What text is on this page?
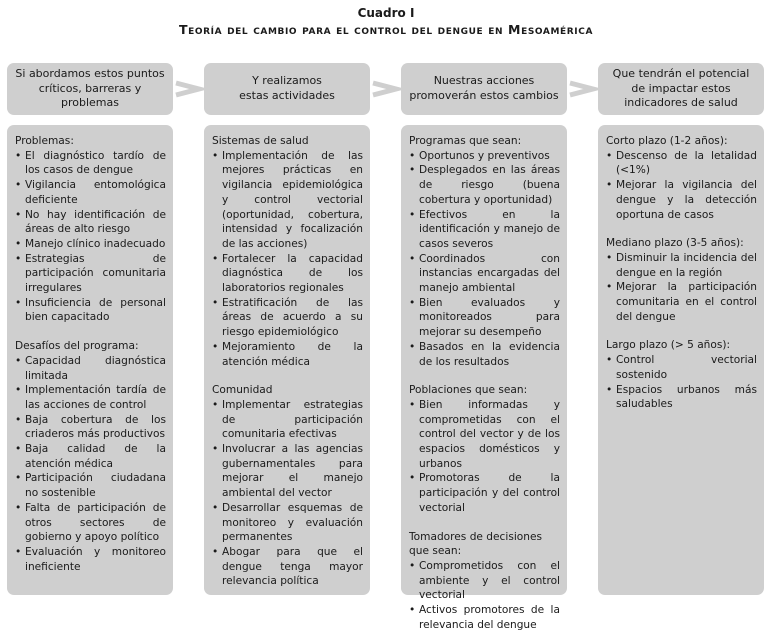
Cuadro I
Teoría del cambio para el control del dengue en Mesoamérica
Si abordamos estos puntos
críticos, barreras y problemas
Y realizamos
estas actividades
Nuestras acciones
promoverán estos cambios
Que tendrán el potencial
de impactar estos
indicadores de salud
Problemas:
• El diagnóstico tardío de los casos de dengue
• Vigilancia entomológica deficiente
• No hay identificación de áreas de alto riesgo
• Manejo clínico inadecuado
• Estrategias de participación comunitaria irregulares
• Insuficiencia de personal bien capacitado
Desafíos del programa:
• Capacidad diagnóstica limitada
• Implementación tardía de las acciones de control
• Baja cobertura de los criaderos más productivos
• Baja calidad de la atención médica
• Participación ciudadana no sostenible
• Falta de participación de otros sectores de gobierno y apoyo político
• Evaluación y monitoreo ineficiente
Sistemas de salud
• Implementación de las mejores prácticas en vigilancia epidemiológica y control vectorial (oportunidad, cobertura, intensidad y focalización de las acciones)
• Fortalecer la capacidad diagnóstica de los laboratorios regionales
• Estratificación de las áreas de acuerdo a su riesgo epidemiológico
• Mejoramiento de la atención médica
Comunidad
• Implementar estrategias de participación comunitaria efectivas
• Involucrar a las agencias gubernamentales para mejorar el manejo ambiental del vector
• Desarrollar esquemas de monitoreo y evaluación permanentes
• Abogar para que el dengue tenga mayor relevancia política
Programas que sean:
• Oportunos y preventivos
• Desplegados en las áreas de riesgo (buena cobertura y oportunidad)
• Efectivos en la identificación y manejo de casos severos
• Coordinados con instancias encargadas del manejo ambiental
• Bien evaluados y monitoreados para mejorar su desempeño
• Basados en la evidencia de los resultados
Poblaciones que sean:
• Bien informadas y comprometidas con el control del vector y de los espacios domésticos y urbanos
• Promotoras de la participación y del control vectorial
Tomadores de decisiones que sean:
• Comprometidos con el ambiente y el control vectorial
• Activos promotores de la relevancia del dengue
Corto plazo (1-2 años):
• Descenso de la letalidad (<1%)
• Mejorar la vigilancia del dengue y la detección oportuna de casos
Mediano plazo (3-5 años):
• Disminuir la incidencia del dengue en la región
• Mejorar la participación comunitaria en el control del dengue
Largo plazo (> 5 años):
• Control vectorial sostenido
• Espacios urbanos más saludables
